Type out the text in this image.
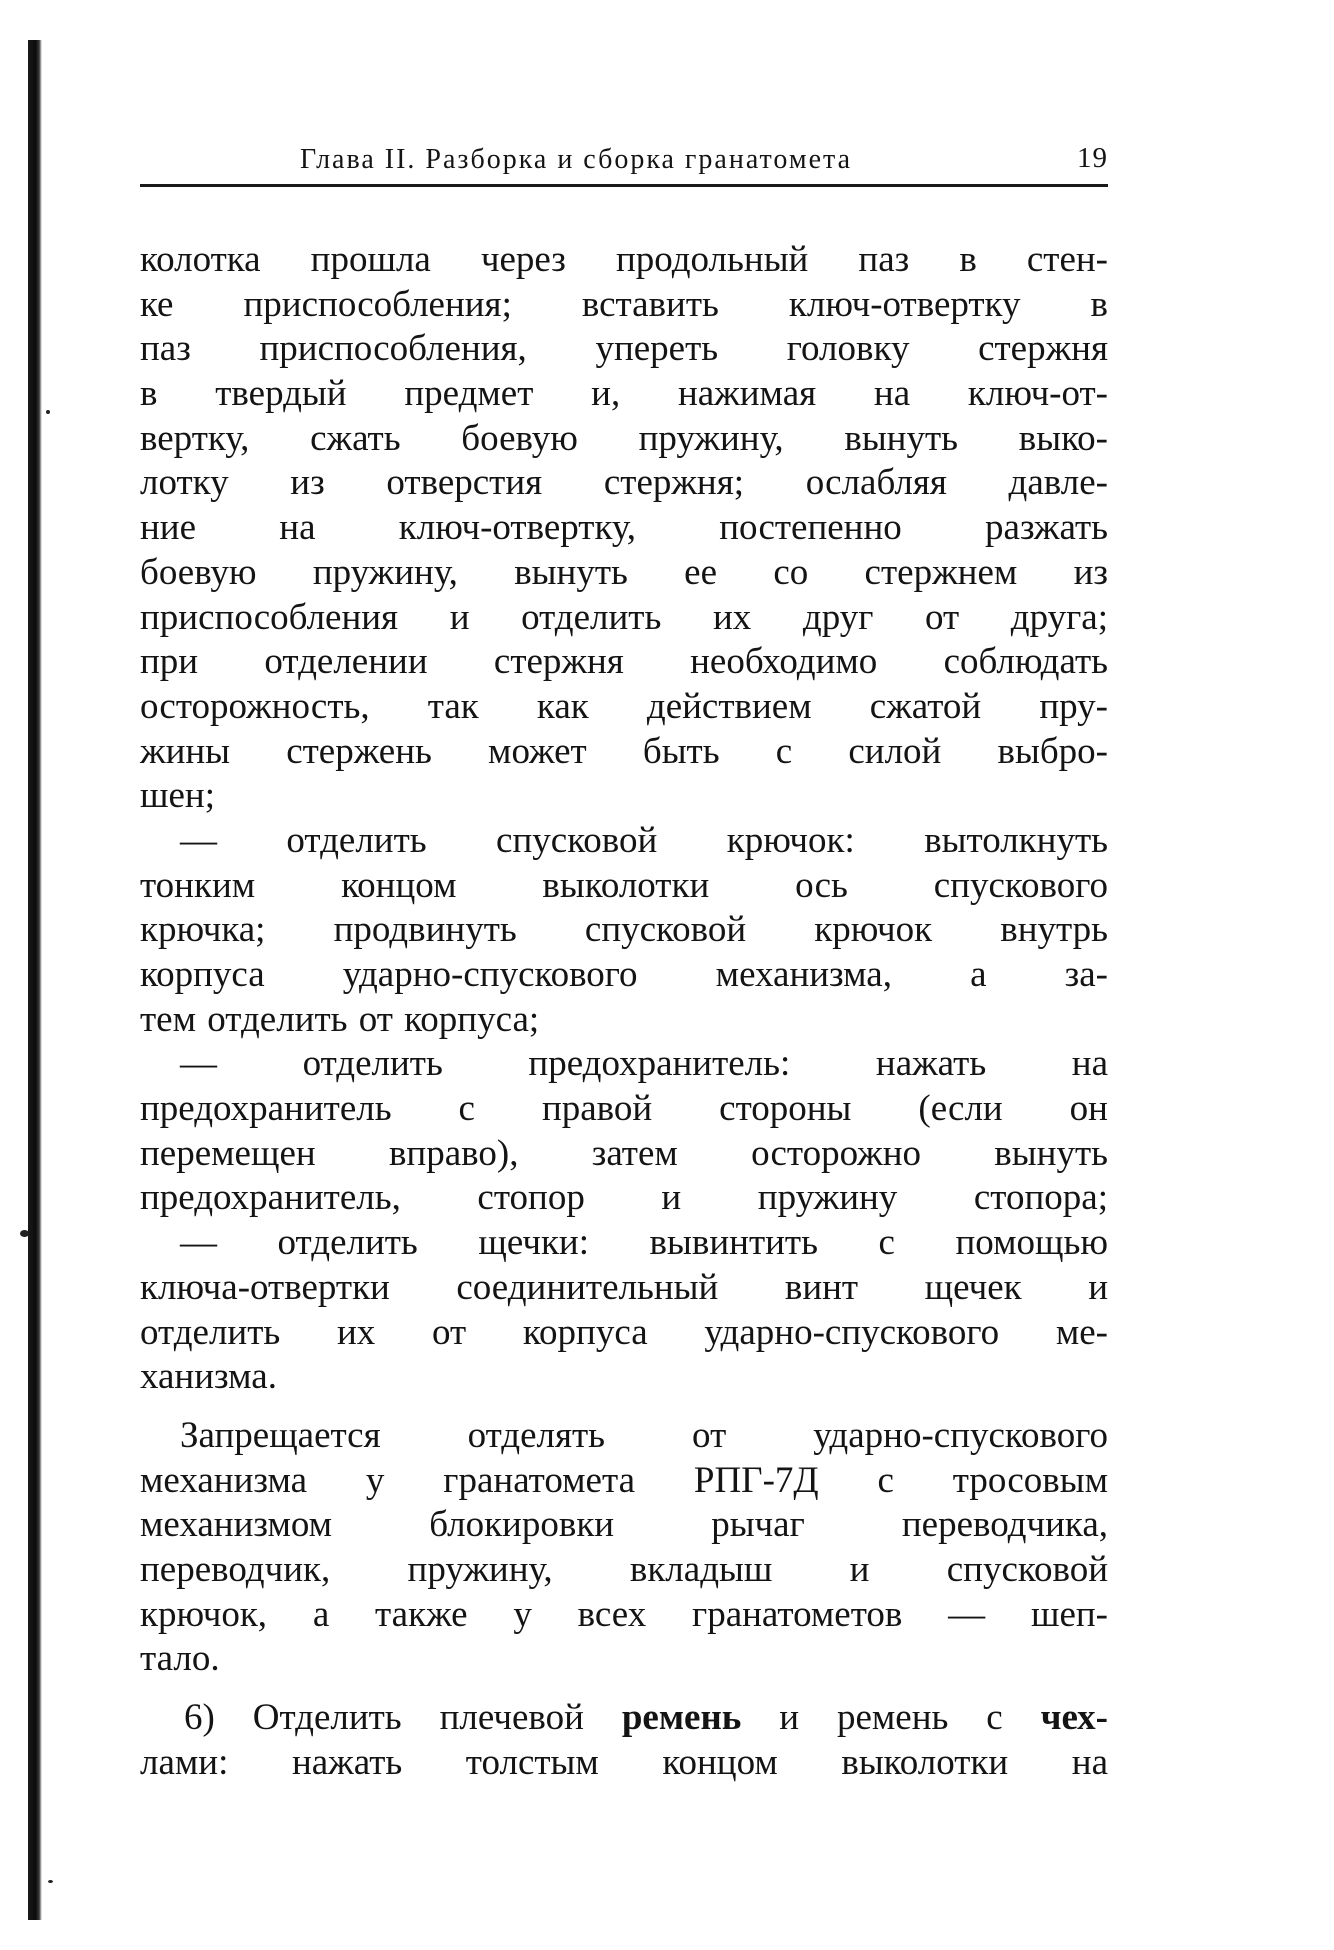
Глава II. Разборка и сборка гранатомета	19
колотка прошла через продольный паз в стен-
ке приспособления; вставить ключ-отвертку в
паз приспособления, упереть головку стержня
в твердый предмет и, нажимая на ключ-от-
вертку, сжать боевую пружину, вынуть выко-
лотку из отверстия стержня; ослабляя давле-
ние на ключ-отвертку, постепенно разжать
боевую пружину, вынуть ее со стержнем из
приспособления и отделить их друг от друга;
при отделении стержня необходимо соблюдать
осторожность, так как действием сжатой пру-
жины стержень может быть с силой выбро-
шен;
— отделить спусковой крючок: вытолкнуть
тонким концом выколотки ось спускового
крючка; продвинуть спусковой крючок внутрь
корпуса ударно-спускового механизма, а за-
тем отделить от корпуса;
— отделить предохранитель: нажать на
предохранитель с правой стороны (если он
перемещен вправо), затем осторожно вынуть
предохранитель, стопор и пружину стопора;
— отделить щечки: вывинтить с помощью
ключа-отвертки соединительный винт щечек и
отделить их от корпуса ударно-спускового ме-
ханизма.
Запрещается отделять от ударно-спускового
механизма у гранатомета РПГ-7Д с тросовым
механизмом блокировки рычаг переводчика,
переводчик, пружину, вкладыш и спусковой
крючок, а также у всех гранатометов — шеп-
тало.
6) Отделить плечевой ремень и ремень с чех-
лами: нажать толстым концом выколотки на
